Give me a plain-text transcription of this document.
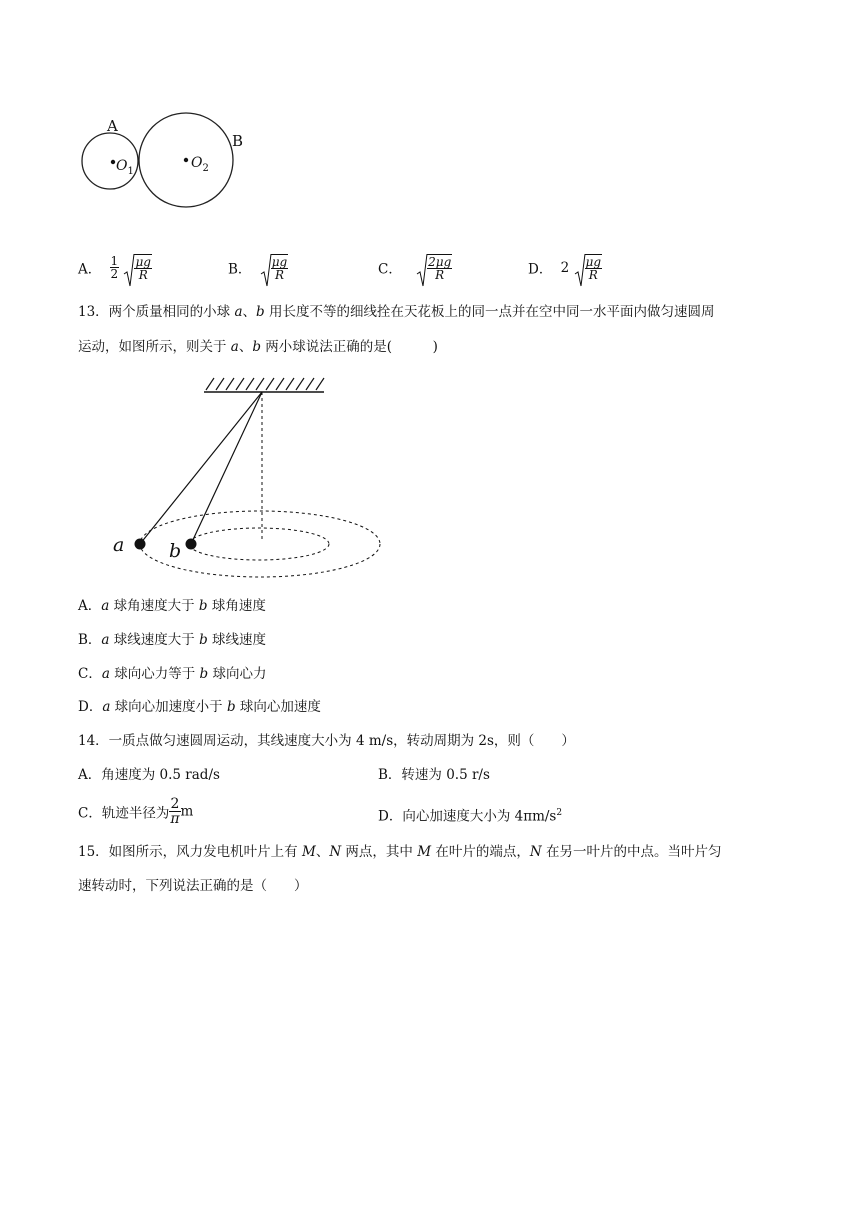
A
B
$O_1$
$O_2$
A． $\frac{1}{2}$
$\frac{\mu g}{R}$	B． $\frac{\mu g}{R}$	C． $\frac{2\mu g}{R}$	D． $2 \frac{\mu g}{R}$
13．两个质量相同的小球 a、b 用长度不等的细线拴在天花板上的同一点并在空中同一水平面内做匀速圆周
运动，如图所示，则关于 a、b 两小球说法正确的是(　　　)
a b
A．a 球角速度大于 b 球角速度
B．a 球线速度大于 b 球线速度
C．a 球向心力等于 b 球向心力
D．a 球向心加速度小于 b 球向心加速度
14．一质点做匀速圆周运动，其线速度大小为 4 m/s，转动周期为 2s，则（　　）
A．角速度为 0.5 rad/s	B．转速为 0.5 r/s
C．轨迹半径为 $\frac{2}{\pi}$ m	D．向心加速度大小为 $4\pi m/s^2$
15．如图所示，风力发电机叶片上有 M、N 两点，其中 M 在叶片的端点，N 在另一叶片的中点。当叶片匀
速转动时，下列说法正确的是（　　）
